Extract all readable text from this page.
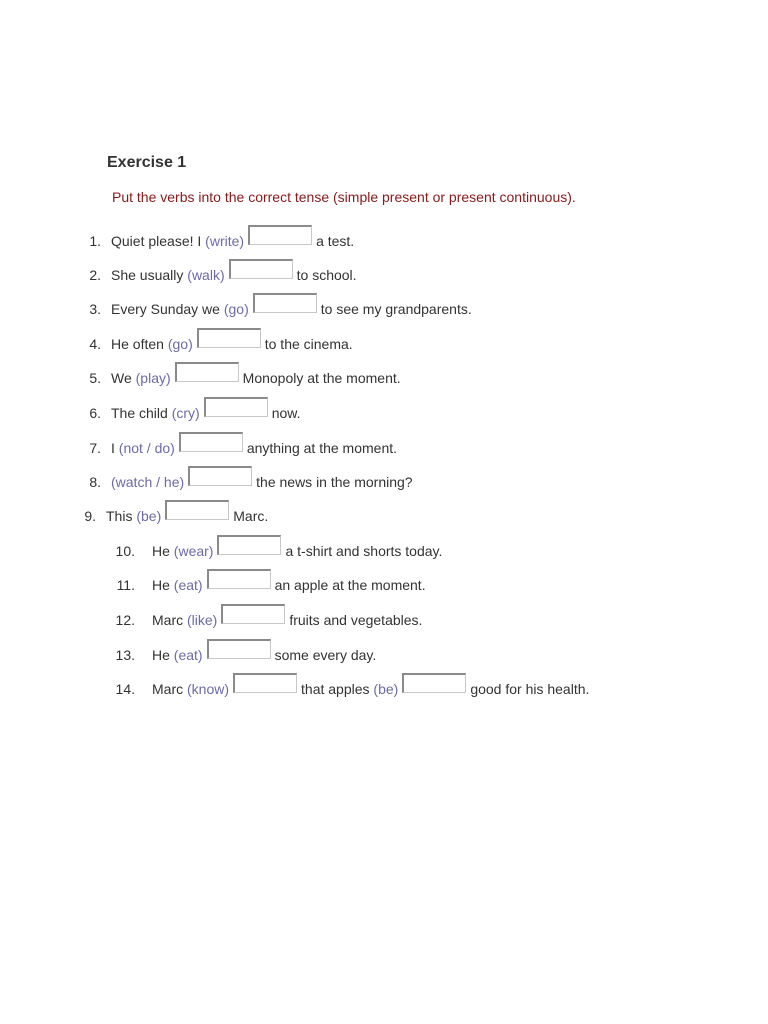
Exercise 1

Put the verbs into the correct tense (simple present or present continuous).

1. Quiet please! I (write)	a test.
2. She usually (walk)	to school.
3. Every Sunday we (go)	to see my grandparents.
4. He often (go)	to the cinema.
5. We (play)	Monopoly at the moment.
6. The child (cry)	now.
7. I (not / do)	anything at the moment.
8. (watch / he)	the news in the morning?
9. This (be)	Marc.
10. He (wear)	a t-shirt and shorts today.
11. He (eat)	an apple at the moment.
12. Marc (like)	fruits and vegetables.
13. He (eat)	some every day.
14. Marc (know)	that apples (be)	good for his health.
